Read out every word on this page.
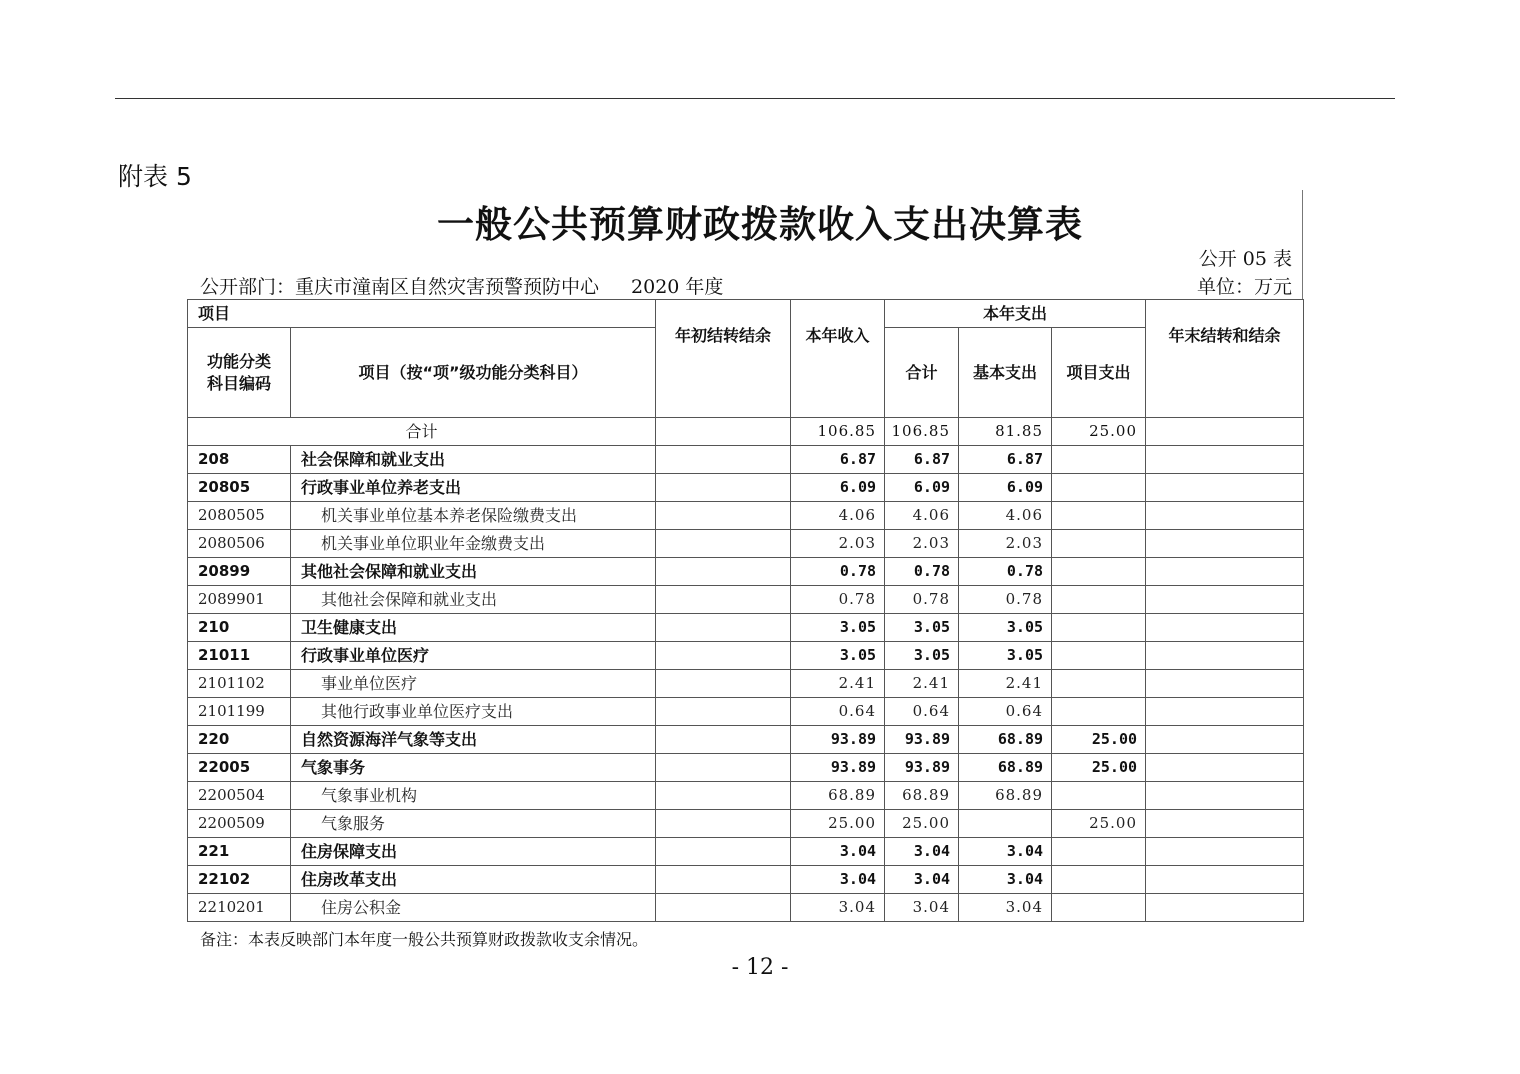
附表 5
一般公共预算财政拨款收入支出决算表
公开 05 表
公开部门：重庆市潼南区自然灾害预警预防中心 2020 年度	单位：万元
项目		年初结转结余	本年收入	本年支出			年末结转和结余
功能分类科目编码	项目（按“项”级功能分类科目）			合计	基本支出	项目支出	

合计			106.85	106.85	81.85	25.00	
208	社会保障和就业支出		6.87	6.87	6.87		
20805	行政事业单位养老支出		6.09	6.09	6.09		
2080505	机关事业单位基本养老保险缴费支出		4.06	4.06	4.06		
2080506	机关事业单位职业年金缴费支出		2.03	2.03	2.03		
20899	其他社会保障和就业支出		0.78	0.78	0.78		
2089901	其他社会保障和就业支出		0.78	0.78	0.78		
210	卫生健康支出		3.05	3.05	3.05		
21011	行政事业单位医疗		3.05	3.05	3.05		
2101102	事业单位医疗		2.41	2.41	2.41		
2101199	其他行政事业单位医疗支出		0.64	0.64	0.64		
220	自然资源海洋气象等支出		93.89	93.89	68.89	25.00	
22005	气象事务		93.89	93.89	68.89	25.00	
2200504	气象事业机构		68.89	68.89	68.89		
2200509	气象服务		25.00	25.00		25.00	
221	住房保障支出		3.04	3.04	3.04		
22102	住房改革支出		3.04	3.04	3.04		
2210201	住房公积金		3.04	3.04	3.04		
备注：本表反映部门本年度一般公共预算财政拨款收支余情况。
- 12 -
